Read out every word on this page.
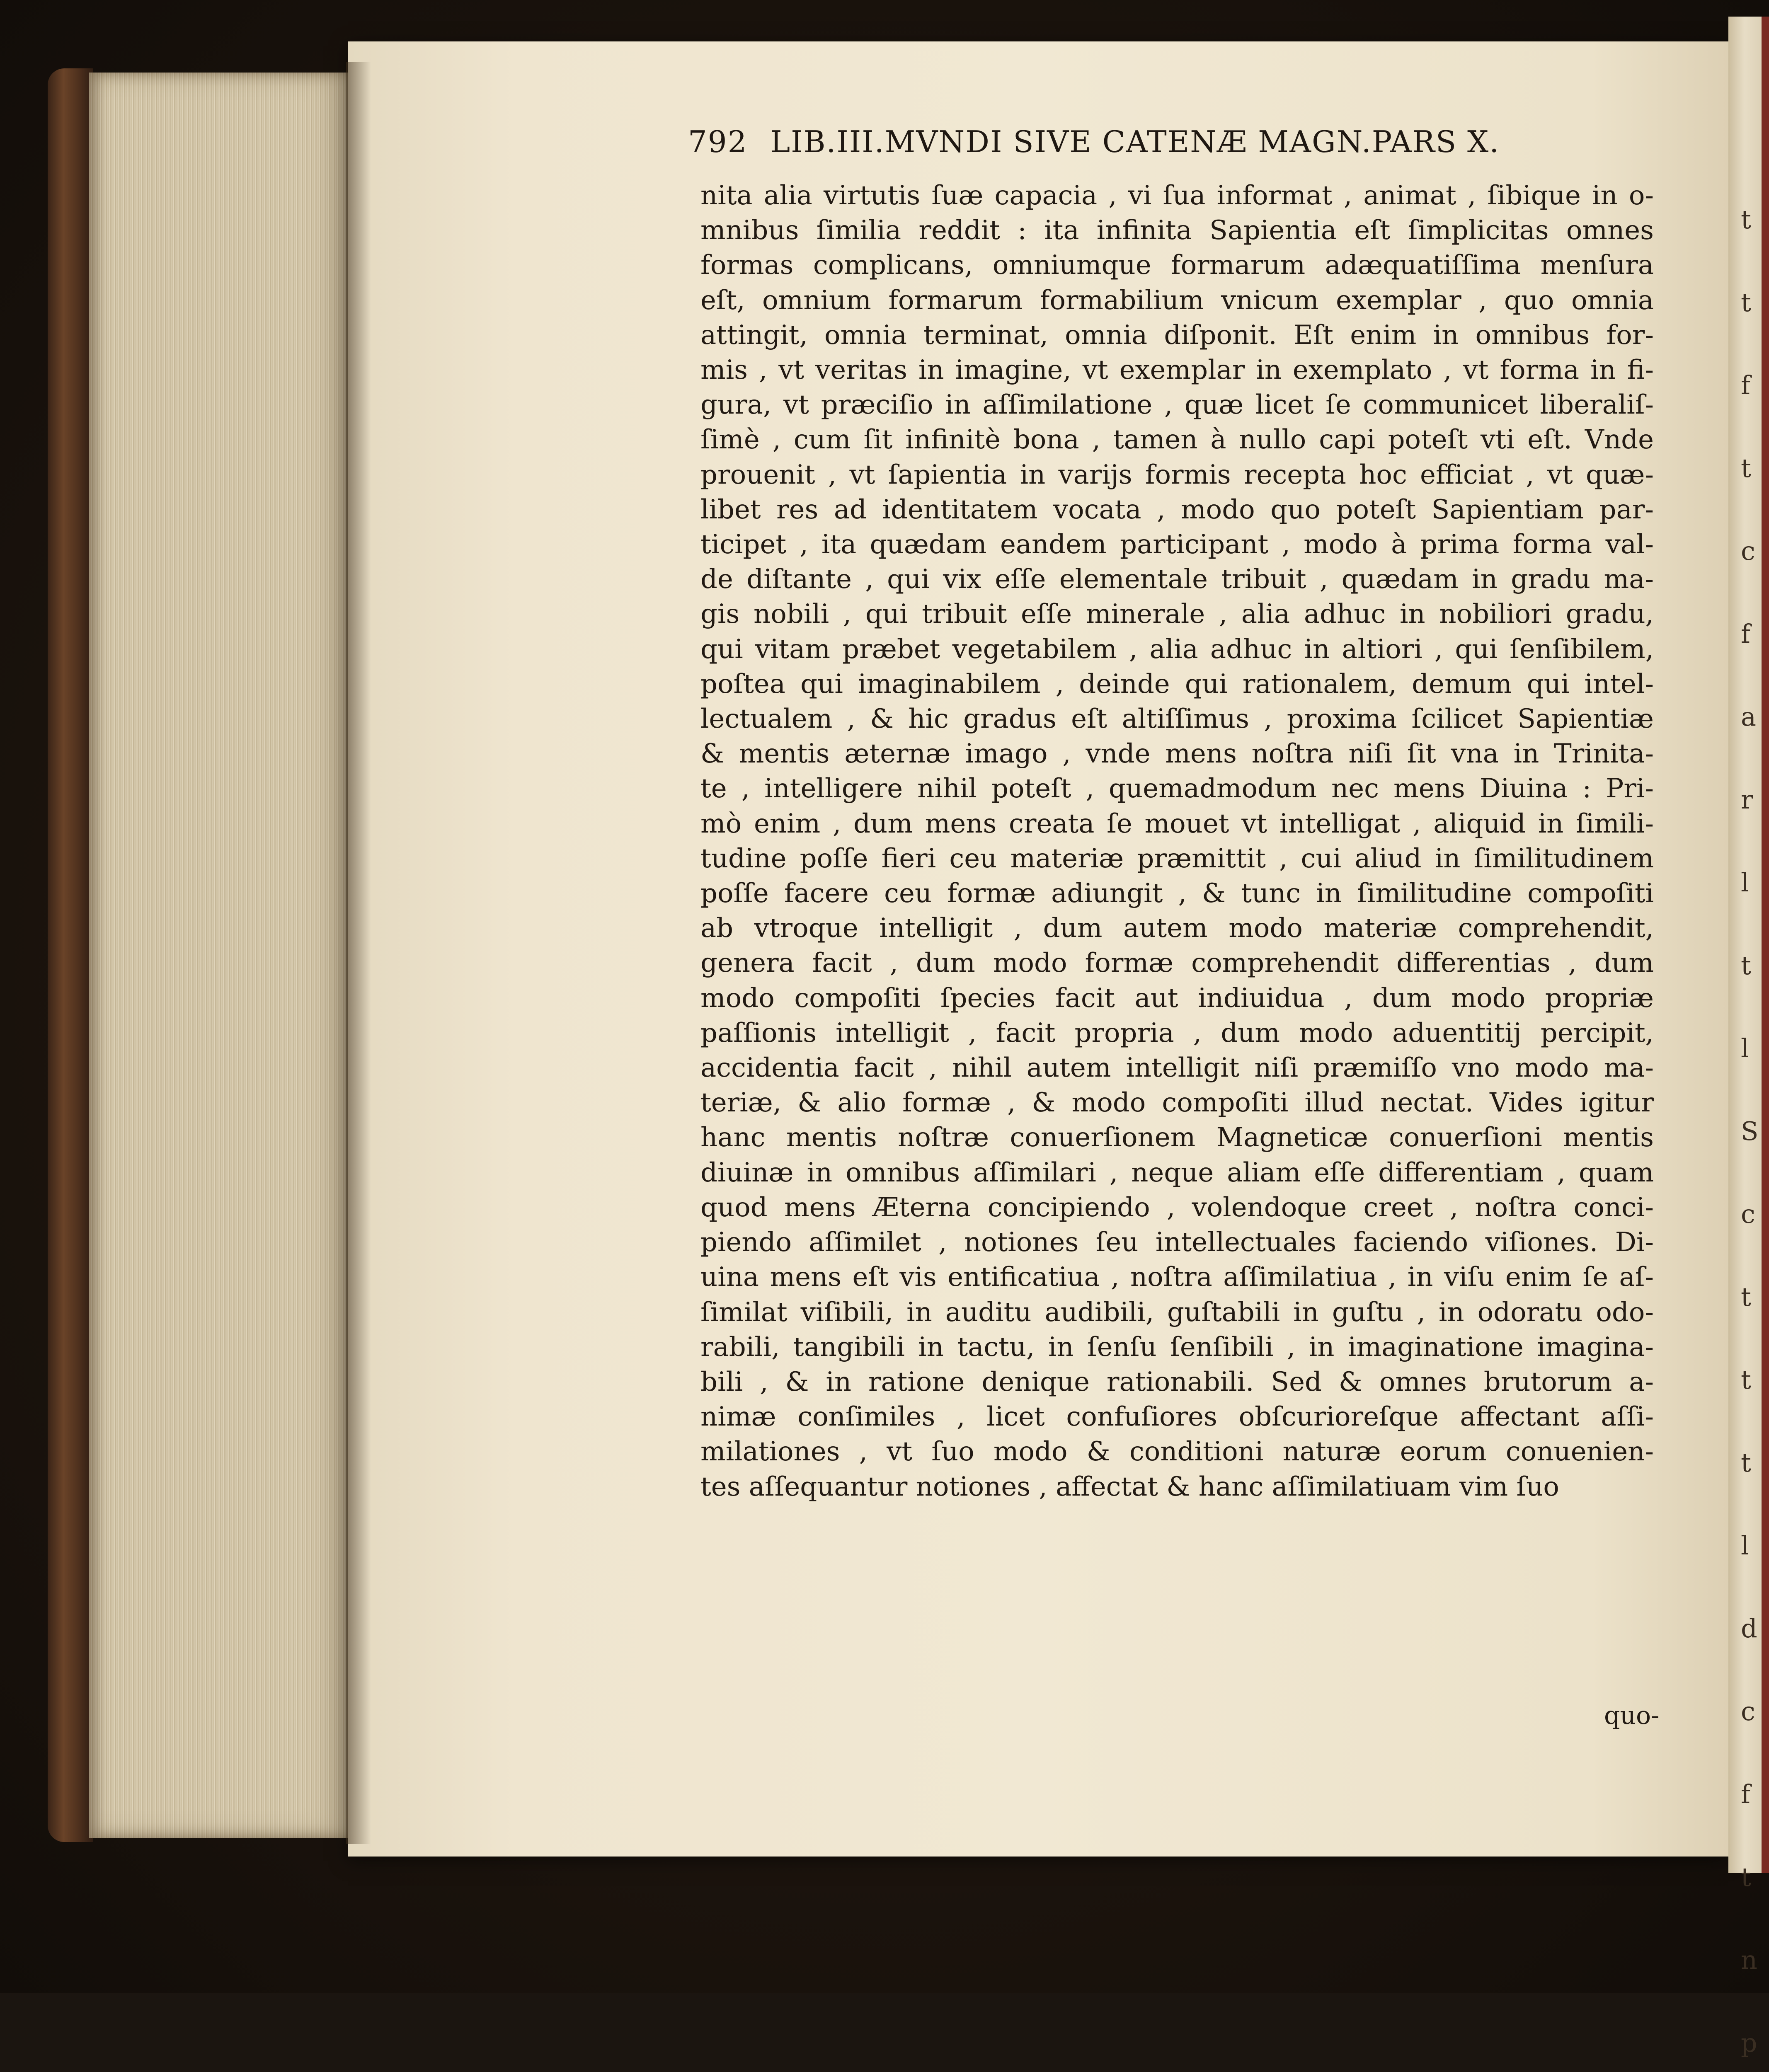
t
t
f
t
c
f
a
r
l
t
l
S
c
t
t
t
l
d
c
f
t
n
p

792 LIB.III.MVNDI SIVE CATENÆ MAGN.PARS X.
nita alia virtutis ſuæ capacia , vi ſua informat , animat , ſibique in o-
mnibus ſimilia reddit : ita infinita Sapientia eſt ſimplicitas omnes
formas complicans, omniumque formarum adæquatiſſima menſura
eſt, omnium formarum formabilium vnicum exemplar , quo omnia
attingit, omnia terminat, omnia diſponit. Eſt enim in omnibus for-
mis , vt veritas in imagine, vt exemplar in exemplato , vt forma in fi-
gura, vt præciſio in aſſimilatione , quæ licet ſe communicet liberaliſ-
ſimè , cum ſit infinitè bona , tamen à nullo capi poteſt vti eſt. Vnde
prouenit , vt ſapientia in varijs formis recepta hoc efficiat , vt quæ-
libet res ad identitatem vocata , modo quo poteſt Sapientiam par-
ticipet , ita quædam eandem participant , modo à prima forma val-
de diſtante , qui vix eſſe elementale tribuit , quædam in gradu ma-
gis nobili , qui tribuit eſſe minerale , alia adhuc in nobiliori gradu,
qui vitam præbet vegetabilem , alia adhuc in altiori , qui ſenſibilem,
poſtea qui imaginabilem , deinde qui rationalem, demum qui intel-
lectualem , & hic gradus eſt altiſſimus , proxima ſcilicet Sapientiæ
& mentis æternæ imago , vnde mens noſtra niſi ſit vna in Trinita-
te , intelligere nihil poteſt , quemadmodum nec mens Diuina : Pri-
mò enim , dum mens creata ſe mouet vt intelligat , aliquid in ſimili-
tudine poſſe fieri ceu materiæ præmittit , cui aliud in ſimilitudinem
poſſe facere ceu formæ adiungit , & tunc in ſimilitudine compoſiti
ab vtroque intelligit , dum autem modo materiæ comprehendit,
genera facit , dum modo formæ comprehendit differentias , dum
modo compoſiti ſpecies facit aut indiuidua , dum modo propriæ
paſſionis intelligit , facit propria , dum modo aduentitij percipit,
accidentia facit , nihil autem intelligit niſi præmiſſo vno modo ma-
teriæ, & alio formæ , & modo compoſiti illud nectat. Vides igitur
hanc mentis noſtræ conuerſionem Magneticæ conuerſioni mentis
diuinæ in omnibus aſſimilari , neque aliam eſſe differentiam , quam
quod mens Æterna concipiendo , volendoque creet , noſtra conci-
piendo aſſimilet , notiones ſeu intellectuales faciendo viſiones. Di-
uina mens eſt vis entificatiua , noſtra aſſimilatiua , in viſu enim ſe aſ-
ſimilat viſibili, in auditu audibili, guſtabili in guſtu , in odoratu odo-
rabili, tangibili in tactu, in ſenſu ſenſibili , in imaginatione imagina-
bili , & in ratione denique rationabili. Sed & omnes brutorum a-
nimæ conſimiles , licet confuſiores obſcurioreſque affectant aſſi-
milationes , vt ſuo modo & conditioni naturæ eorum conuenien-
tes aſſequantur notiones , affectat & hanc aſſimilatiuam vim ſuo
quo-
